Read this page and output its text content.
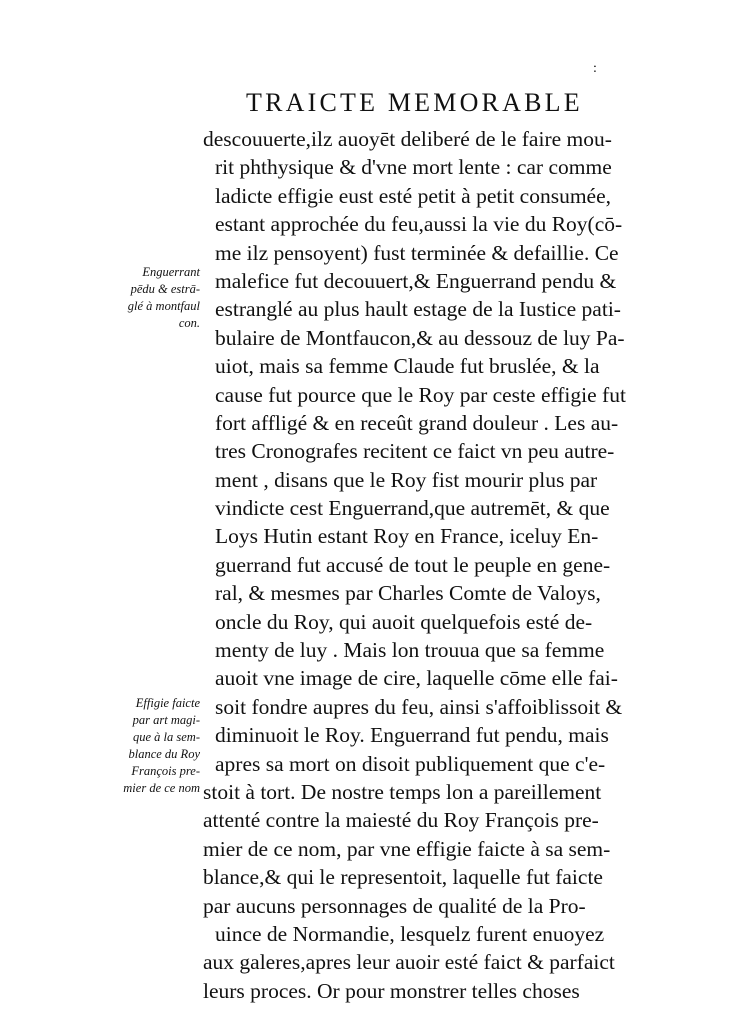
:
TRAICTE MEMORABLE
descouuerte,ilz auoyēt deliberé de le faire mou-
rit phthysique & d'vne mort lente : car comme
ladicte effigie eust esté petit à petit consumée,
estant approchée du feu,aussi la vie du Roy(cō-
me ilz pensoyent) fust terminée & defaillie. Ce
malefice fut decouuert,& Enguerrand pendu &
estranglé au plus hault estage de la Iustice pati-
bulaire de Montfaucon,& au dessouz de luy Pa-
uiot, mais sa femme Claude fut bruslée, & la
cause fut pource que le Roy par ceste effigie fut
fort affligé & en receût grand douleur . Les au-
tres Cronografes recitent ce faict vn peu autre-
ment , disans que le Roy fist mourir plus par
vindicte cest Enguerrand,que autremēt, & que
Loys Hutin estant Roy en France, iceluy En-
guerrand fut accusé de tout le peuple en gene-
ral, & mesmes par Charles Comte de Valoys,
oncle du Roy, qui auoit quelquefois esté de-
menty de luy . Mais lon trouua que sa femme
auoit vne image de cire, laquelle cōme elle fai-
soit fondre aupres du feu, ainsi s'affoiblissoit &
diminuoit le Roy. Enguerrand fut pendu, mais
apres sa mort on disoit publiquement que c'e-
stoit à tort. De nostre temps lon a pareillement
attenté contre la maiesté du Roy François pre-
mier de ce nom, par vne effigie faicte à sa sem-
blance,& qui le representoit, laquelle fut faicte
par aucuns personnages de qualité de la Pro-
uince de Normandie, lesquelz furent enuoyez
aux galeres,apres leur auoir esté faict & parfaict
leurs proces. Or pour monstrer telles choses
Enguerrant
pēdu & estrā-
glé à montfaul
con.
Effigie faicte
par art magi-
que à la sem-
blance du Roy
François pre-
mier de ce nom
